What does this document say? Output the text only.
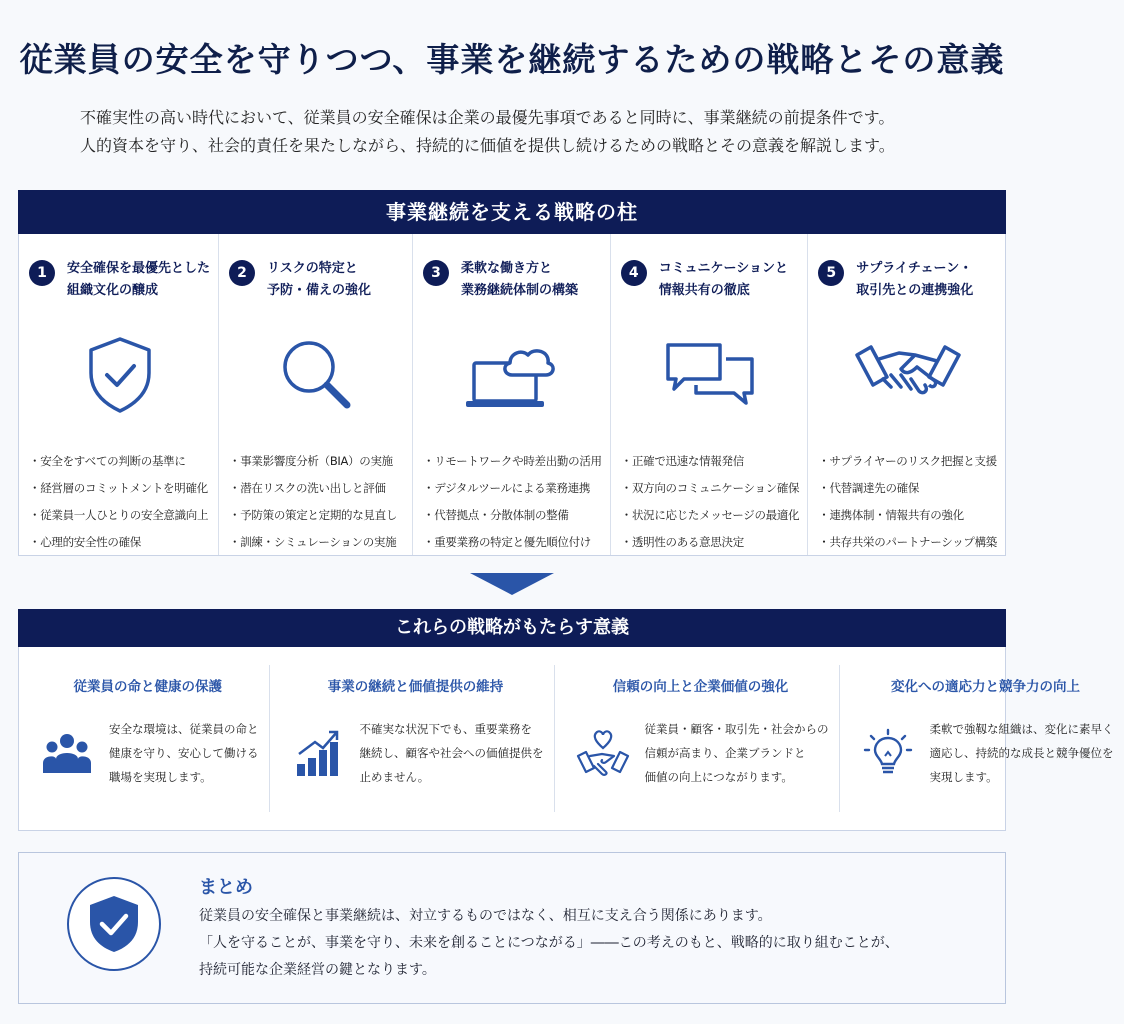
従業員の安全を守りつつ、事業を継続するための戦略とその意義

不確実性の高い時代において、従業員の安全確保は企業の最優先事項であると同時に、事業継続の前提条件です。

人的資本を守り、社会的責任を果たしながら、持続的に価値を提供し続けるための戦略とその意義を解説します。

事業継続を支える戦略の柱
1	安全確保を最優先とした
組織文化の醸成
・ 安全をすべての判断の基準に
・ 経営層のコミットメントを明確化
・ 従業員一人ひとりの安全意識向上
・ 心理的安全性の確保
2	リスクの特定と
予防・備えの強化
・ 事業影響度分析（BIA）の実施
・ 潜在リスクの洗い出しと評価
・ 予防策の策定と定期的な見直し
・ 訓練・シミュレーションの実施
3	柔軟な働き方と
業務継続体制の構築
・ リモートワークや時差出勤の活用
・ デジタルツールによる業務連携
・ 代替拠点・分散体制の整備
・ 重要業務の特定と優先順位付け
4	コミュニケーションと
情報共有の徹底
・ 正確で迅速な情報発信
・ 双方向のコミュニケーション確保
・ 状況に応じたメッセージの最適化
・ 透明性のある意思決定
5	サプライチェーン・
取引先との連携強化
・ サプライヤーのリスク把握と支援
・ 代替調達先の確保
・ 連携体制・情報共有の強化
・ 共存共栄のパートナーシップ構築
これらの戦略がもたらす意義
従業員の命と健康の保護
安全な環境は、従業員の命と
健康を守り、安心して働ける
職場を実現します。
事業の継続と価値提供の維持
不確実な状況下でも、重要業務を
継続し、顧客や社会への価値提供を
止めません。
信頼の向上と企業価値の強化
従業員・顧客・取引先・社会からの
信頼が高まり、企業ブランドと
価値の向上につながります。
変化への適応力と競争力の向上
柔軟で強靱な組織は、変化に素早く
適応し、持続的な成長と競争優位を
実現します。
まとめ
従業員の安全確保と事業継続は、対立するものではなく、相互に支え合う関係にあります。
「人を守ることが、事業を守り、未来を創ることにつながる」――この考えのもと、戦略的に取り組むことが、
持続可能な企業経営の鍵となります。
